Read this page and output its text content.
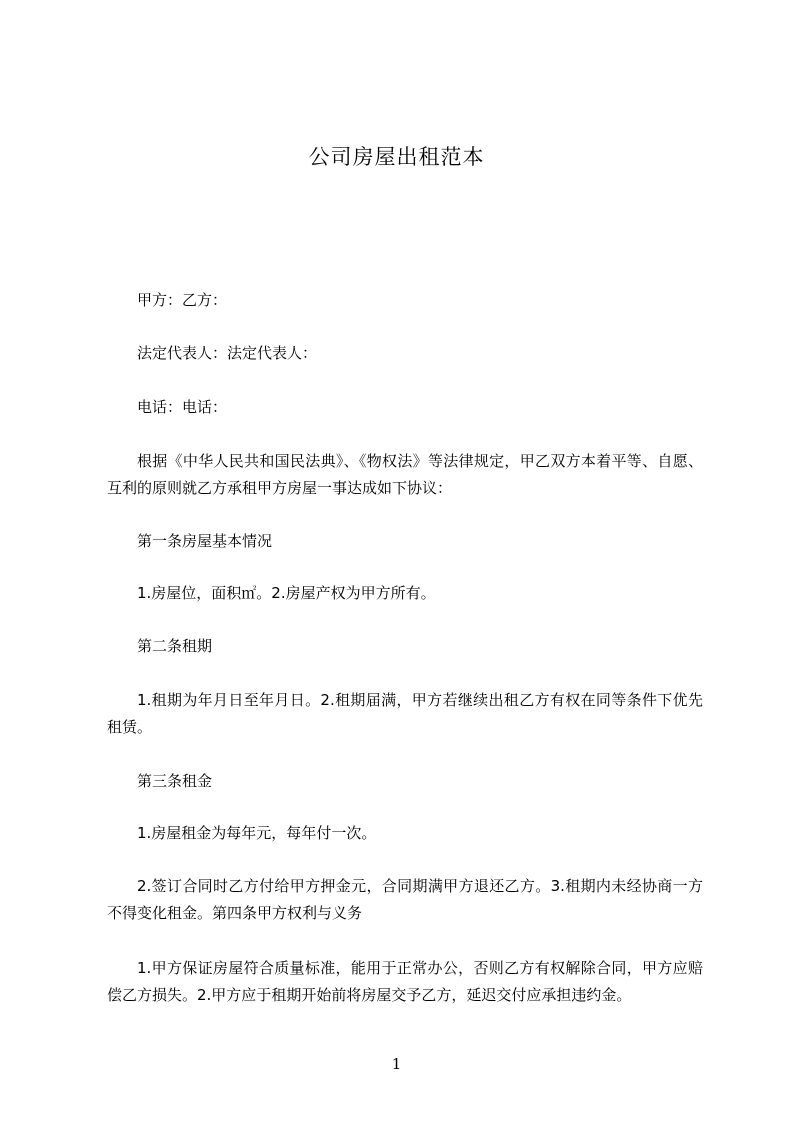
公司房屋出租范本

甲方：乙方：

法定代表人：法定代表人：

电话：电话：

根据《中华人民共和国民法典》、《物权法》等法律规定，甲乙双方本着平等、自愿、互利的原则就乙方承租甲方房屋一事达成如下协议：

第一条房屋基本情况

1.房屋位，面积㎡。2.房屋产权为甲方所有。

第二条租期

1.租期为年月日至年月日。2.租期届满，甲方若继续出租乙方有权在同等条件下优先租赁。

第三条租金

1.房屋租金为每年元，每年付一次。

2.签订合同时乙方付给甲方押金元，合同期满甲方退还乙方。3.租期内未经协商一方不得变化租金。第四条甲方权利与义务

1.甲方保证房屋符合质量标准，能用于正常办公，否则乙方有权解除合同，甲方应赔偿乙方损失。2.甲方应于租期开始前将房屋交予乙方，延迟交付应承担违约金。

1
